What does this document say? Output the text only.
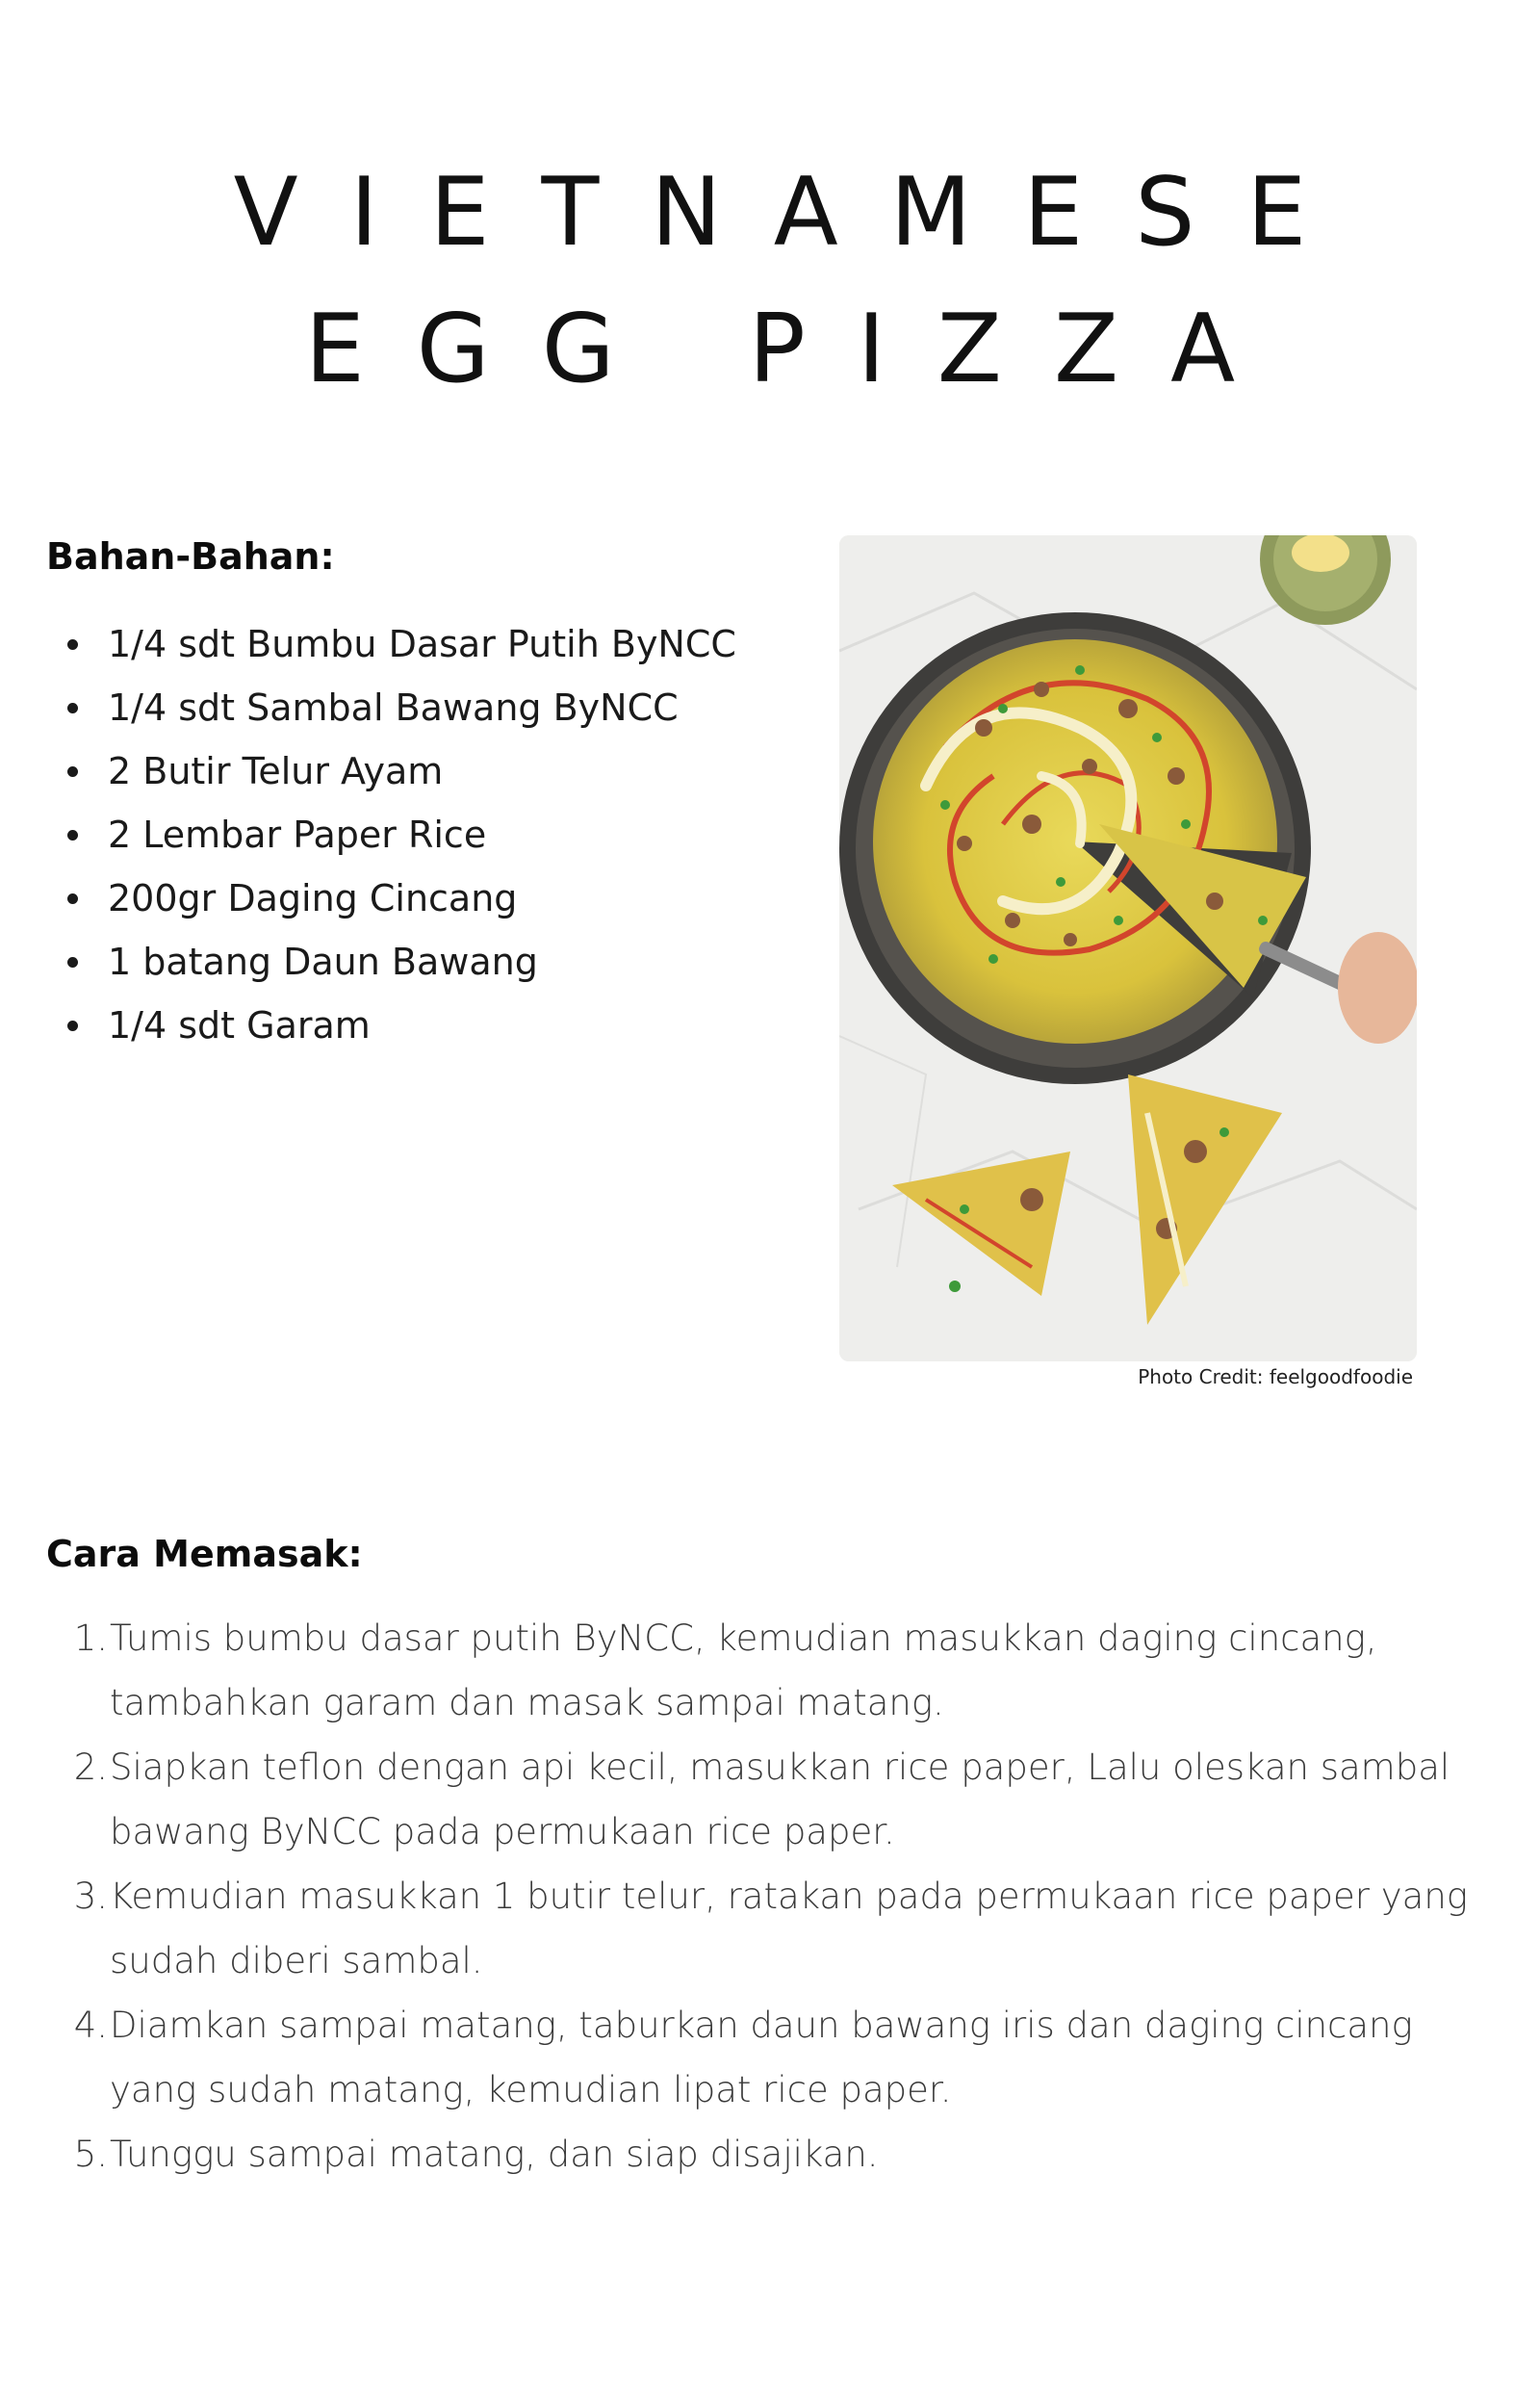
VIETNAMESE
EGG PIZZA
Bahan-Bahan:
1/4 sdt Bumbu Dasar Putih ByNCC
1/4 sdt Sambal Bawang ByNCC
2 Butir Telur Ayam
2 Lembar Paper Rice
200gr Daging Cincang
1 batang Daun Bawang
1/4 sdt Garam

Photo Credit: feelgoodfoodie

Cara Memasak:
1. Tumis bumbu dasar putih ByNCC, kemudian masukkan daging cincang, tambahkan garam dan masak sampai matang.
2. Siapkan teflon dengan api kecil, masukkan rice paper, Lalu oleskan sambal bawang ByNCC pada permukaan rice paper.
3. Kemudian masukkan 1 butir telur, ratakan pada permukaan rice paper yang sudah diberi sambal.
4. Diamkan sampai matang, taburkan daun bawang iris dan daging cincang yang sudah matang, kemudian lipat rice paper.
5. Tunggu sampai matang, dan siap disajikan.
